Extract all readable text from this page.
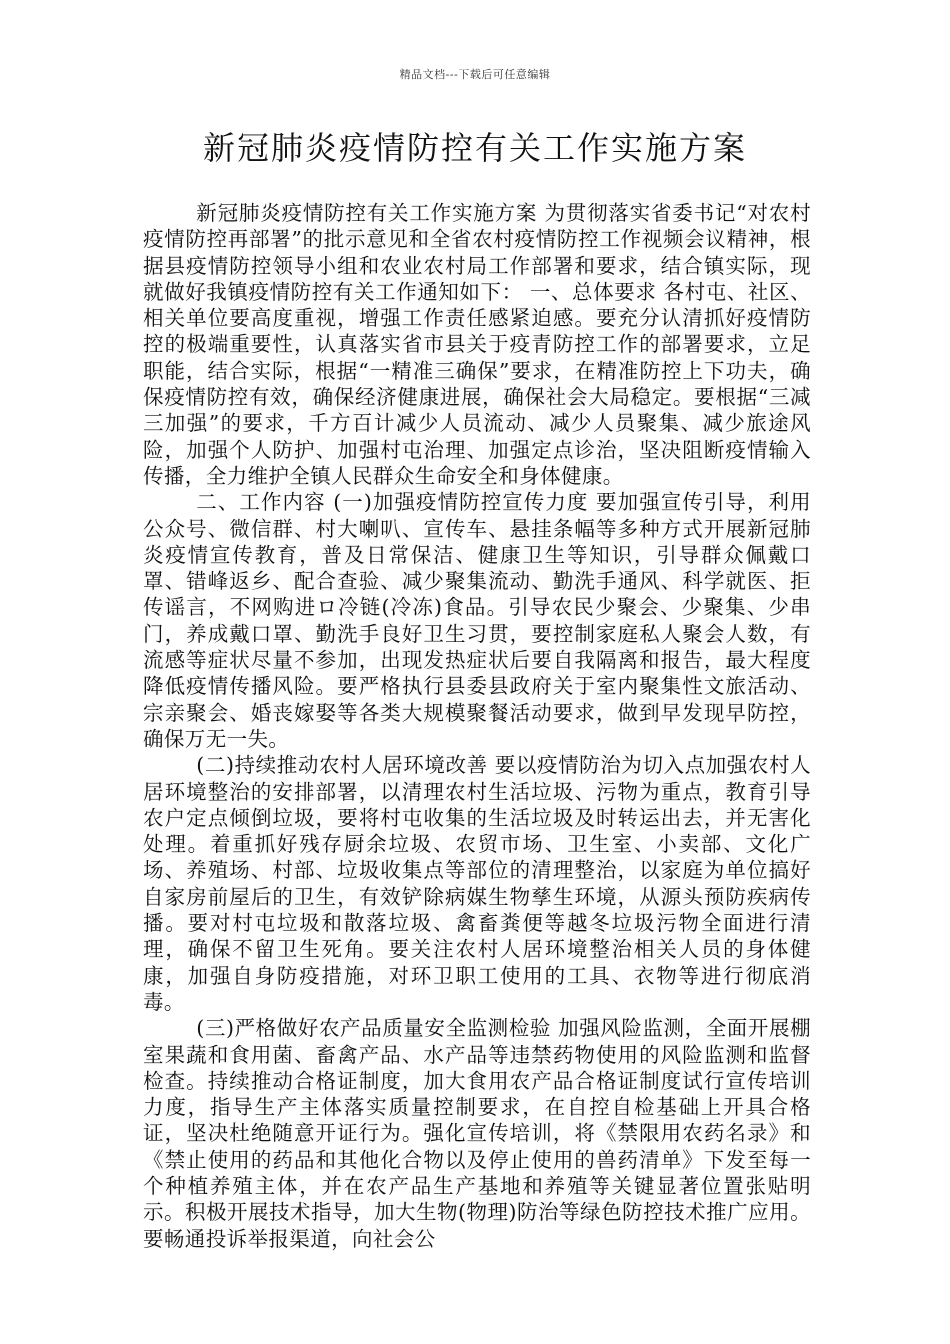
精品文档---下载后可任意编辑
新冠肺炎疫情防控有关工作实施方案

新冠肺炎疫情防控有关工作实施方案 为贯彻落实省委书记“对农村疫情防控再部署”的批示意见和全省农村疫情防控工作视频会议精神，根据县疫情防控领导小组和农业农村局工作部署和要求，结合镇实际，现就做好我镇疫情防控有关工作通知如下： 一、总体要求 各村屯、社区、相关单位要高度重视，增强工作责任感紧迫感。要充分认清抓好疫情防控的极端重要性，认真落实省市县关于疫青防控工作的部署要求，立足职能，结合实际，根据“一精准三确保”要求，在精准防控上下功夫，确保疫情防控有效，确保经济健康进展，确保社会大局稳定。要根据“三减三加强”的要求，千方百计减少人员流动、减少人员聚集、减少旅途风险，加强个人防护、加强村屯治理、加强定点诊治，坚决阻断疫情输入传播，全力维护全镇人民群众生命安全和身体健康。

二、工作内容 (一)加强疫情防控宣传力度 要加强宣传引导，利用公众号、微信群、村大喇叭、宣传车、悬挂条幅等多种方式开展新冠肺炎疫情宣传教育，普及日常保洁、健康卫生等知识，引导群众佩戴口罩、错峰返乡、配合查验、减少聚集流动、勤洗手通风、科学就医、拒传谣言，不网购进ロ冷链(冷冻)食品。引导农民少聚会、少聚集、少串门，养成戴口罩、勤洗手良好卫生习贯，要控制家庭私人聚会人数，有流感等症状尽量不参加，出现发热症状后要自我隔离和报告，最大程度降低疫情传播风险。要严格执行县委县政府关于室内聚集性文旅活动、宗亲聚会、婚丧嫁娶等各类大规模聚餐活动要求，做到早发现早防控，确保万无一失。

(二)持续推动农村人居环境改善 要以疫情防治为切入点加强农村人居环境整治的安排部署，以清理农村生活垃圾、污物为重点，教育引导农户定点倾倒垃圾，要将村屯收集的生活垃圾及时转运出去，并无害化处理。着重抓好残存厨余垃圾、农贸市场、卫生室、小卖部、文化广场、养殖场、村部、垃圾收集点等部位的清理整治，以家庭为单位搞好自家房前屋后的卫生，有效铲除病媒生物孳生环境，从源头预防疾病传播。要对村屯垃圾和散落垃圾、禽畜粪便等越冬垃圾污物全面进行清理，确保不留卫生死角。要关注农村人居环境整治相关人员的身体健康，加强自身防疫措施，对环卫职工使用的工具、衣物等进行彻底消毒。

(三)严格做好农产品质量安全监测检验 加强风险监测，全面开展棚室果蔬和食用菌、畜禽产品、水产品等违禁药物使用的风险监测和监督检查。持续推动合格证制度，加大食用农产品合格证制度试行宣传培训力度，指导生产主体落实质量控制要求，在自控自检基础上开具合格证，坚决杜绝随意开证行为。强化宣传培训，将《禁限用农药名录》和《禁止使用的药品和其他化合物以及停止使用的兽药清单》下发至每一个种植养殖主体，并在农产品生产基地和养殖等关键显著位置张贴明示。积极开展技术指导，加大生物(物理)防治等绿色防控技术推广应用。要畅通投诉举报渠道，向社会公
